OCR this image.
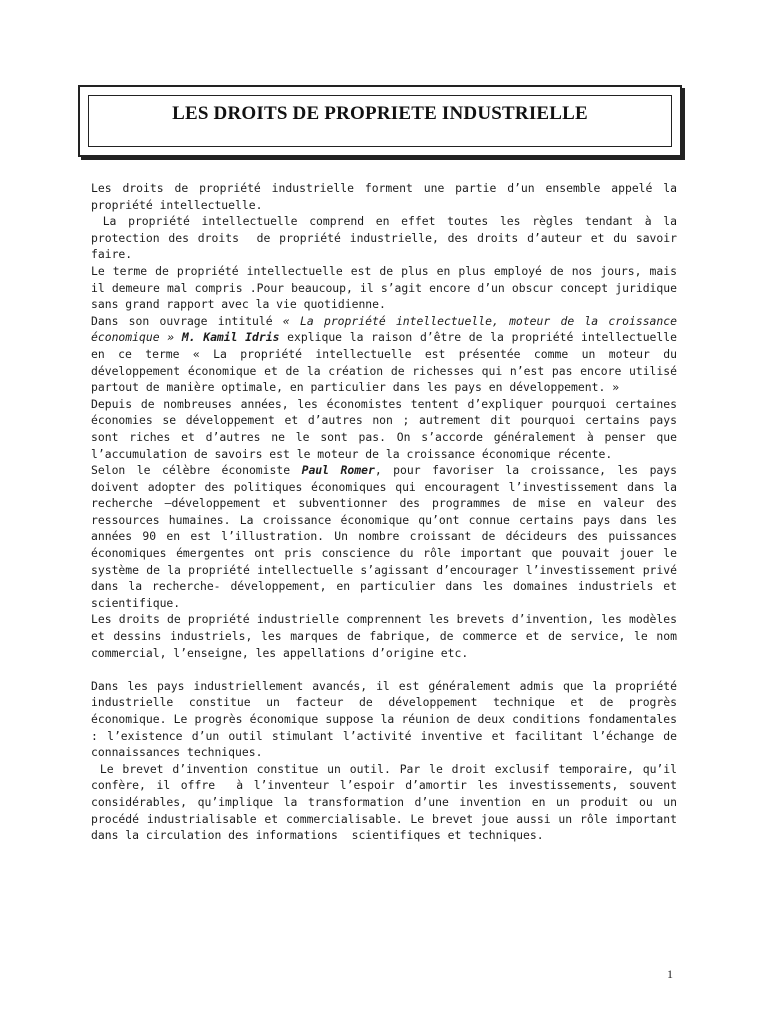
LES DROITS DE PROPRIETE INDUSTRIELLE

Les droits de propriété industrielle forment une partie d’un ensemble appelé la propriété intellectuelle.

La propriété intellectuelle comprend en effet toutes les règles tendant à la protection des droits  de propriété industrielle, des droits d’auteur et du savoir faire.

Le terme de propriété intellectuelle est de plus en plus employé de nos jours, mais il demeure mal compris .Pour beaucoup, il s’agit encore d’un obscur concept juridique sans grand rapport avec la vie quotidienne.

Dans son ouvrage intitulé « La propriété intellectuelle, moteur de la croissance économique » M. Kamil Idris explique la raison d’être de la propriété intellectuelle en ce terme « La propriété intellectuelle est présentée comme un moteur du développement économique et de la création de richesses qui n’est pas encore utilisé partout de manière optimale, en particulier dans les pays en développement. »

Depuis de nombreuses années, les économistes tentent d’expliquer pourquoi certaines économies se développement et d’autres non ; autrement dit pourquoi certains pays sont riches et d’autres ne le sont pas. On s’accorde généralement à penser que l’accumulation de savoirs est le moteur de la croissance économique récente.

Selon le célèbre économiste Paul Romer, pour favoriser la croissance, les pays doivent adopter des politiques économiques qui encouragent l’investissement dans la recherche –développement et subventionner des programmes de mise en valeur des ressources humaines. La croissance économique qu’ont connue certains pays dans les années 90 en est l’illustration. Un nombre croissant de décideurs des puissances économiques émergentes ont pris conscience du rôle important que pouvait jouer le système de la propriété intellectuelle s’agissant d’encourager l’investissement privé dans la recherche- développement, en particulier dans les domaines industriels et scientifique.

Les droits de propriété industrielle comprennent les brevets d’invention, les modèles et dessins industriels, les marques de fabrique, de commerce et de service, le nom commercial, l’enseigne, les appellations d’origine etc.

Dans les pays industriellement avancés, il est généralement admis que la propriété industrielle constitue un facteur de développement technique et de progrès économique. Le progrès économique suppose la réunion de deux conditions fondamentales : l’existence d’un outil stimulant l’activité inventive et facilitant l’échange de connaissances techniques.

Le brevet d’invention constitue un outil. Par le droit exclusif temporaire, qu’il confère, il offre  à l’inventeur l’espoir d’amortir les investissements, souvent considérables, qu’implique la transformation d’une invention en un produit ou un procédé industrialisable et commercialisable. Le brevet joue aussi un rôle important dans la circulation des informations  scientifiques et techniques.

1
